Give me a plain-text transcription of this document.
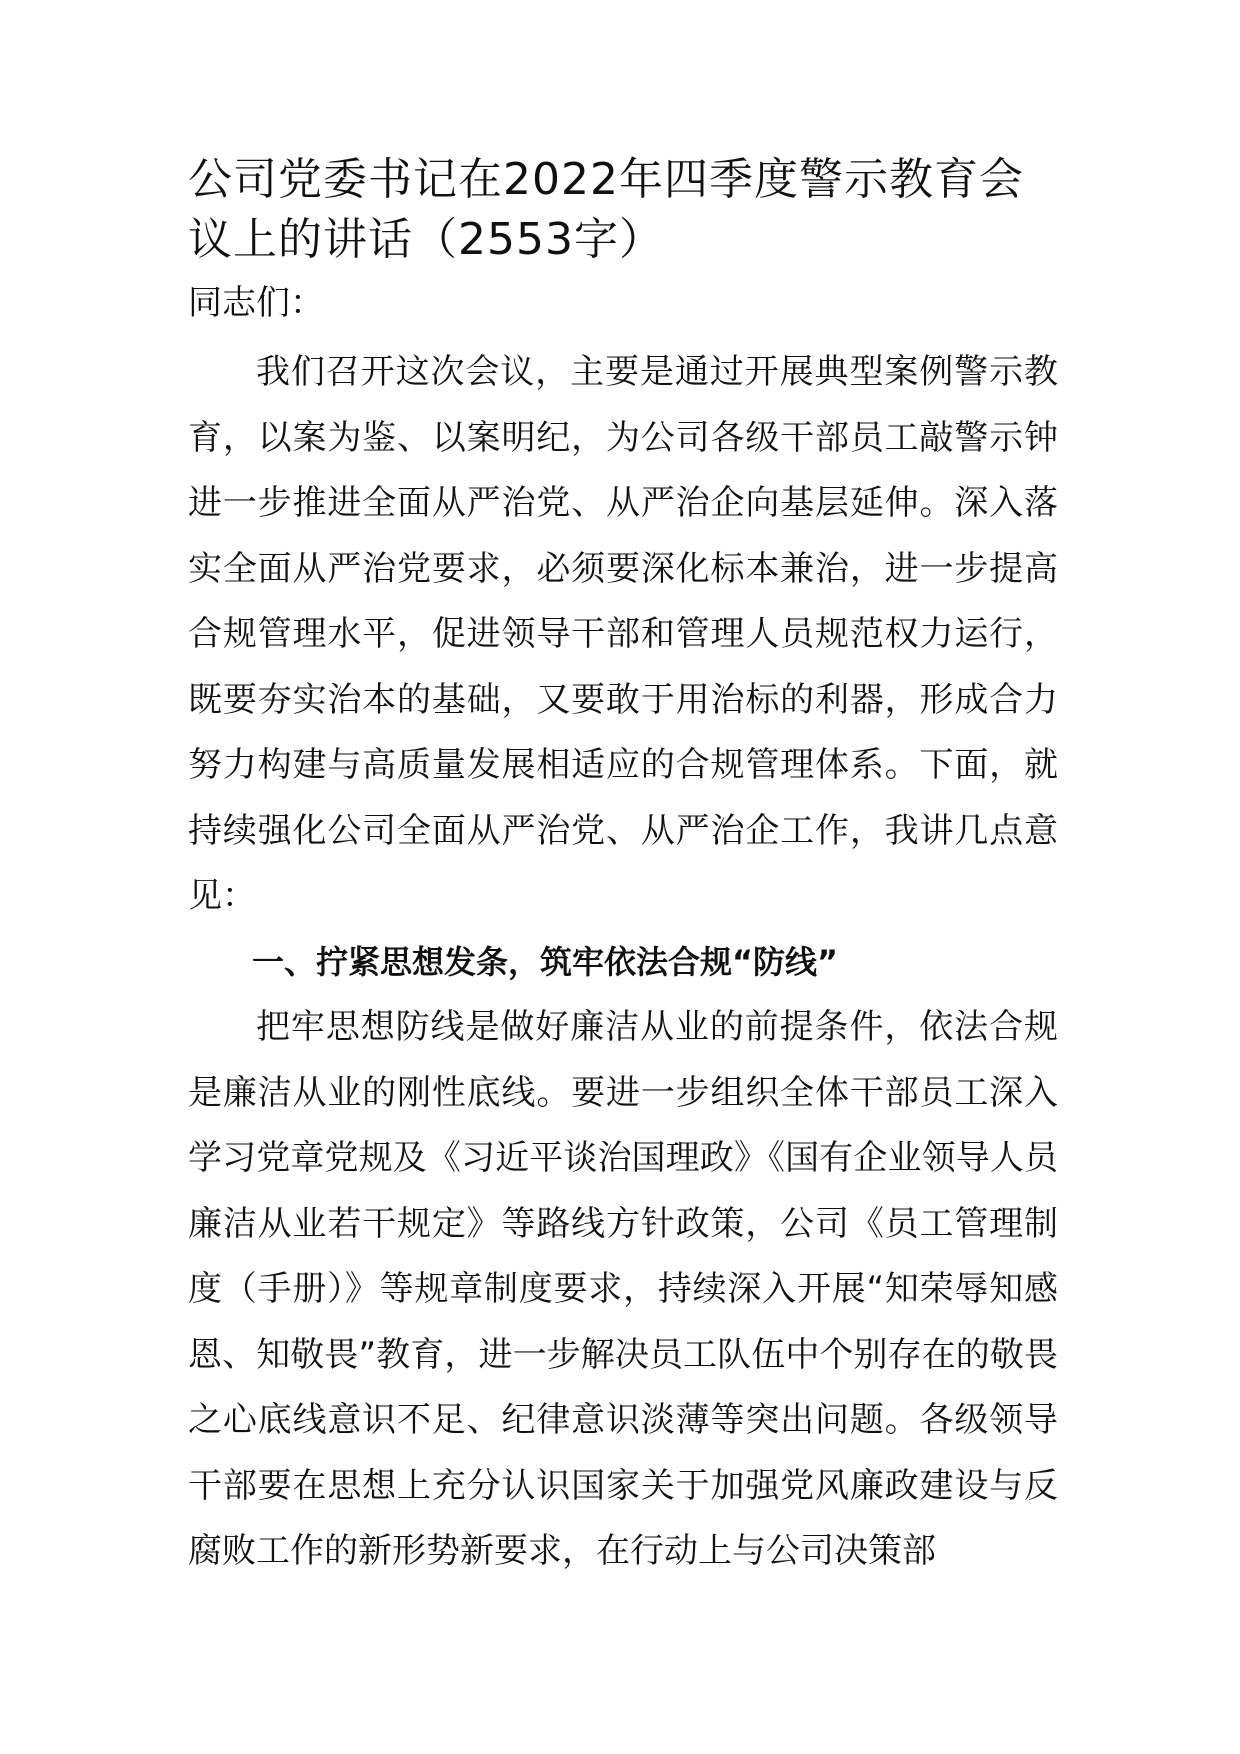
公司党委书记在2022年四季度警示教育会议上的讲话（2553字）
同志们：

我们召开这次会议，主要是通过开展典型案例警示教育，以案为鉴、以案明纪，为公司各级干部员工敲警示钟进一步推进全面从严治党、从严治企向基层延伸。深入落实全面从严治党要求，必须要深化标本兼治，进一步提高合规管理水平，促进领导干部和管理人员规范权力运行，既要夯实治本的基础，又要敢于用治标的利器，形成合力努力构建与高质量发展相适应的合规管理体系。下面，就持续强化公司全面从严治党、从严治企工作，我讲几点意见：

一、拧紧思想发条，筑牢依法合规“防线”

把牢思想防线是做好廉洁从业的前提条件，依法合规是廉洁从业的刚性底线。要进一步组织全体干部员工深入学习党章党规及《习近平谈治国理政》《国有企业领导人员廉洁从业若干规定》等路线方针政策，公司《员工管理制度（手册）》等规章制度要求，持续深入开展“知荣辱知感恩、知敬畏”教育，进一步解决员工队伍中个别存在的敬畏之心底线意识不足、纪律意识淡薄等突出问题。各级领导干部要在思想上充分认识国家关于加强党风廉政建设与反腐败工作的新形势新要求，在行动上与公司决策部
